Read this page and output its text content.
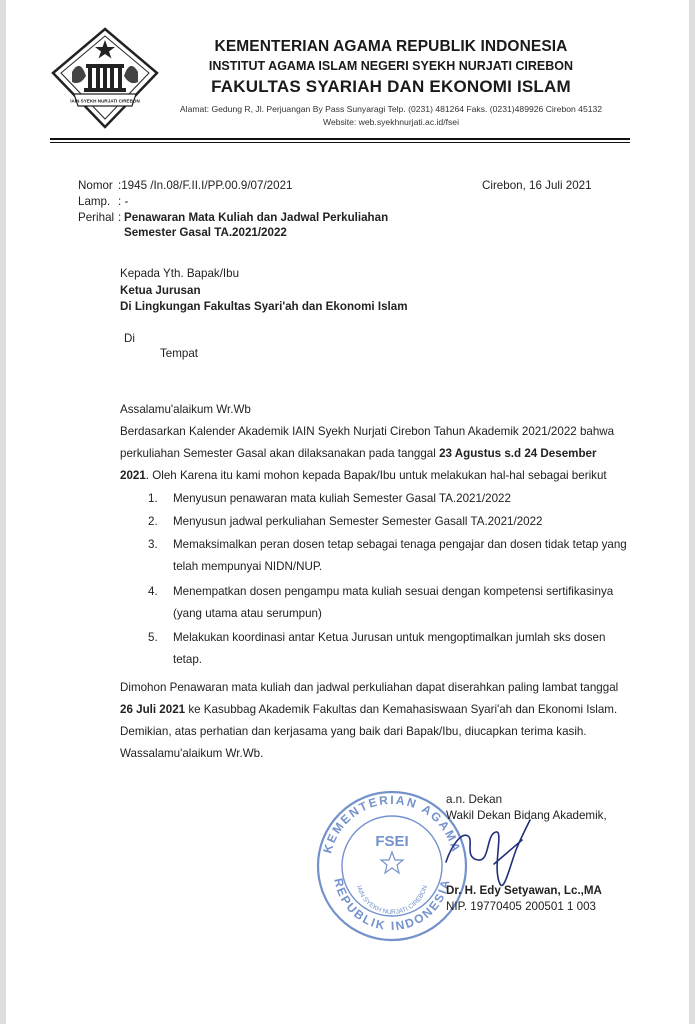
IAIN SYEKH NURJATI CIREBON
KEMENTERIAN AGAMA REPUBLIK INDONESIA
INSTITUT AGAMA ISLAM NEGERI SYEKH NURJATI CIREBON
FAKULTAS SYARIAH DAN EKONOMI ISLAM
Alamat: Gedung R, Jl. Perjuangan By Pass Sunyaragi Telp. (0231) 481264 Faks. (0231)489926 Cirebon 45132
Website: web.syekhnurjati.ac.id/fsei
Nomor :1945 /In.08/F.II.I/PP.00.9/07/2021	Cirebon, 16 Juli 2021
Lamp. : -
Perihal : Penawaran Mata Kuliah dan Jadwal Perkuliahan
Semester Gasal TA.2021/2022
Kepada Yth. Bapak/Ibu
Ketua Jurusan
Di Lingkungan Fakultas Syari'ah dan Ekonomi Islam
Di
Tempat
Assalamu'alaikum Wr.Wb
Berdasarkan Kalender Akademik IAIN Syekh Nurjati Cirebon Tahun Akademik 2021/2022 bahwa
perkuliahan Semester Gasal akan dilaksanakan pada tanggal 23 Agustus s.d 24 Desember
2021. Oleh Karena itu kami mohon kepada Bapak/Ibu untuk melakukan hal-hal sebagai berikut
1. Menyusun penawaran mata kuliah Semester Gasal TA.2021/2022
2. Menyusun jadwal perkuliahan Semester Semester Gasall TA.2021/2022
3. Memaksimalkan peran dosen tetap sebagai tenaga pengajar dan dosen tidak tetap yang
telah mempunyai NIDN/NUP.
4. Menempatkan dosen pengampu mata kuliah sesuai dengan kompetensi sertifikasinya
(yang utama atau serumpun)
5. Melakukan koordinasi antar Ketua Jurusan untuk mengoptimalkan jumlah sks dosen
tetap.
Dimohon Penawaran mata kuliah dan jadwal perkuliahan dapat diserahkan paling lambat tanggal
26 Juli 2021 ke Kasubbag Akademik Fakultas dan Kemahasiswaan Syari'ah dan Ekonomi Islam.
Demikian, atas perhatian dan kerjasama yang baik dari Bapak/Ibu, diucapkan terima kasih.
Wassalamu'alaikum Wr.Wb.
KEMENTERIAN AGAMA
REPUBLIK INDONESIA
IAIN SYEKH NURJATI CIREBON
FSEI
a.n. Dekan
Wakil Dekan Bidang Akademik,
Dr. H. Edy Setyawan, Lc.,MA
NIP. 19770405 200501 1 003
